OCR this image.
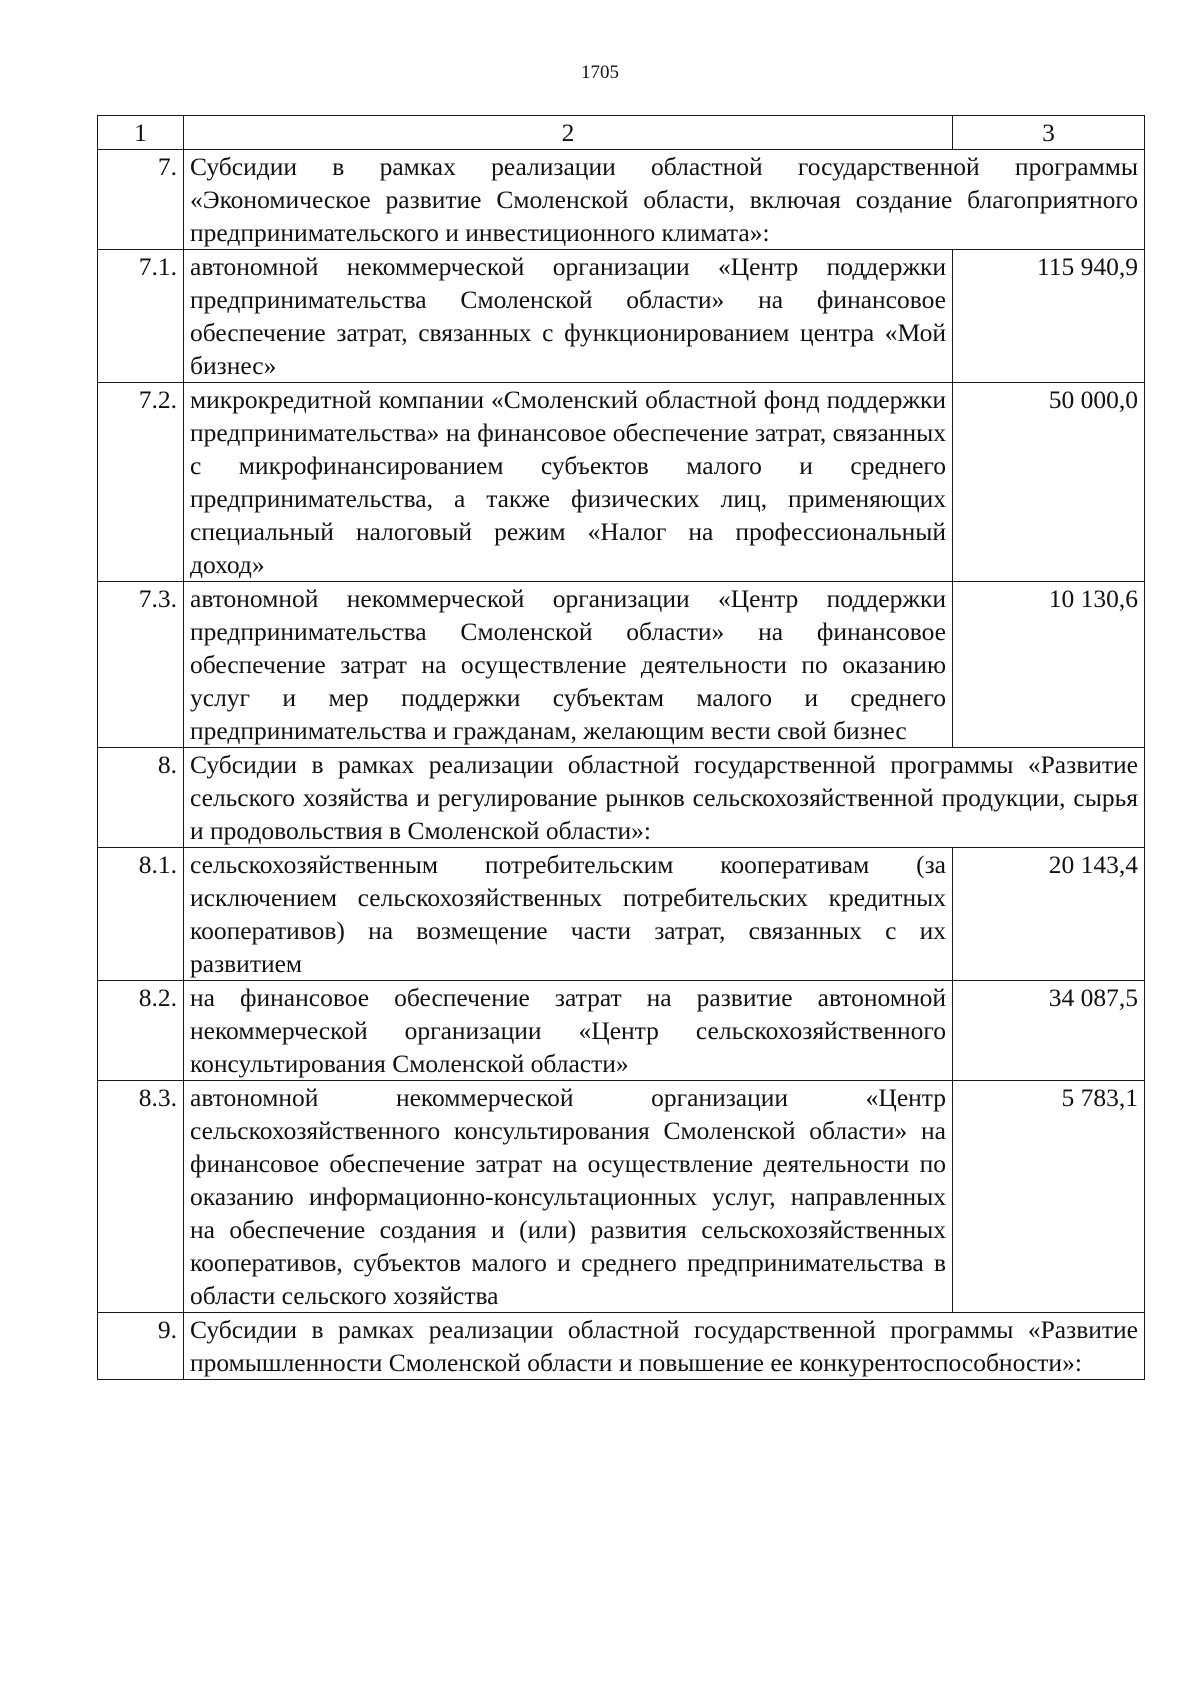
1705
1	2	3
7.	Субсидии в рамках реализации областной государственной программы «Экономическое развитие Смоленской области, включая создание благоприятного предпринимательского и инвестиционного климата»:	
7.1.	автономной некоммерческой организации «Центр поддержки предпринимательства Смоленской области» на финансовое обеспечение затрат, связанных с функционированием центра «Мой бизнес»	115 940,9
7.2.	микрокредитной компании «Смоленский областной фонд поддержки предпринимательства» на финансовое обеспечение затрат, связанных с микрофинансированием субъектов малого и среднего предпринимательства, а также физических лиц, применяющих специальный налоговый режим «Налог на профессиональный доход»	50 000,0
7.3.	автономной некоммерческой организации «Центр поддержки предпринимательства Смоленской области» на финансовое обеспечение затрат на осуществление деятельности по оказанию услуг и мер поддержки субъектам малого и среднего предпринимательства и гражданам, желающим вести свой бизнес	10 130,6
8.	Субсидии в рамках реализации областной государственной программы «Развитие сельского хозяйства и регулирование рынков сельскохозяйственной продукции, сырья и продовольствия в Смоленской области»:	
8.1.	сельскохозяйственным потребительским кооперативам (за исключением сельскохозяйственных потребительских кредитных кооперативов) на возмещение части затрат, связанных с их развитием	20 143,4
8.2.	на финансовое обеспечение затрат на развитие автономной некоммерческой организации «Центр сельскохозяйственного консультирования Смоленской области»	34 087,5
8.3.	автономной некоммерческой организации «Центр сельскохозяйственного консультирования Смоленской области» на финансовое обеспечение затрат на осуществление деятельности по оказанию информационно-консультационных услуг, направленных на обеспечение создания и (или) развития сельскохозяйственных кооперативов, субъектов малого и среднего предпринимательства в области сельского хозяйства	5 783,1
9.	Субсидии в рамках реализации областной государственной программы «Развитие промышленности Смоленской области и повышение ее конкурентоспособности»:	
